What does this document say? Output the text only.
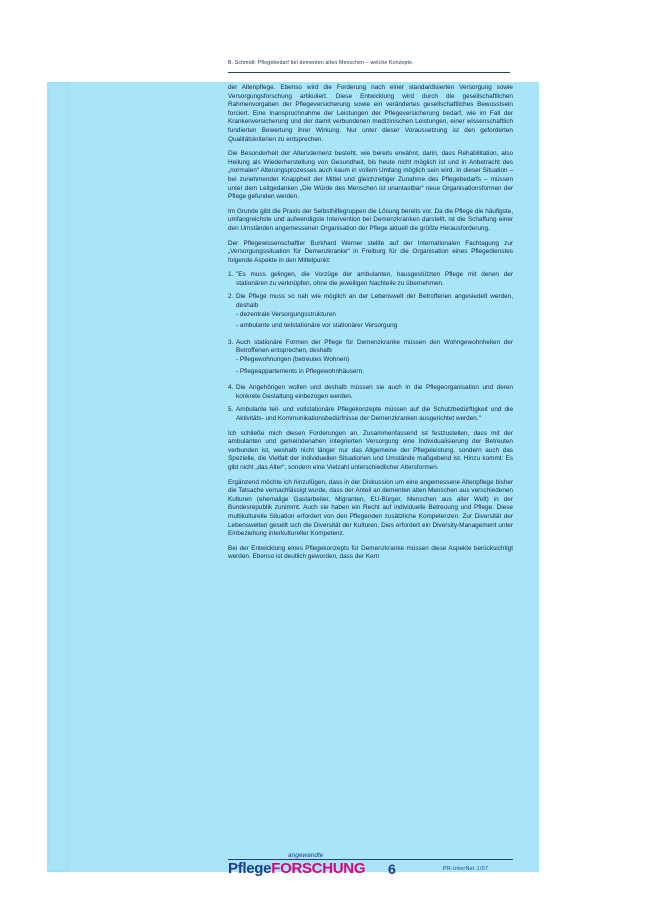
B. Schmidt: Pflegebedarf bei dementen alten Menschen – welche Konzepte.

der Altenpflege. Ebenso wird die Forderung nach einer standardisierten Versorgung sowie Versorgungsforschung artikuliert. Diese Entwicklung wird durch die gesellschaftlichen Rahmenvorgaben der Pflegeversicherung sowie ein verändertes gesellschaftliches Bewusstsein forciert. Eine Inanspruchnahme der Leistungen der Pflegeversicherung bedarf, wie im Fall der Krankenversicherung und der damit verbundenen medizinischen Leistungen, einer wissenschaftlich fundierten Bewertung ihrer Wirkung. Nur unter dieser Voraussetzung ist den geforderten Qualitätskriterien zu entsprechen.

Die Besonderheit der Altersdemenz besteht, wie bereits erwähnt, darin, dass Rehabilitation, also Heilung als Wiederherstellung von Gesundheit, bis heute nicht möglich ist und in Anbetracht des „normalen“ Alterungsprozesses auch kaum in vollem Umfang möglich sein wird. In dieser Situation – bei zunehmender Knappheit der Mittel und gleichzeitiger Zunahme des Pflegebedarfs – müssen unter dem Leitgedanken „Die Würde des Menschen ist unantastbar“ neue Organisationsformen der Pflege gefunden werden.

Im Grunde gibt die Praxis der Selbsthilfegruppen die Lösung bereits vor. Da die Pflege die häufigste, umfangreichste und aufwendigste Intervention bei Demenzkranken darstellt, ist die Schaffung einer den Umständen angemessenen Organisation der Pflege aktuell die größte Herausforderung.

Der Pflegewissenschaftler Burkhard Werner stellte auf der Internationalen Fachtagung zur „Versorgungssituation für Demenzkranke“ in Freiburg für die Organisation eines Pflegedienstes folgende Aspekte in den Mittelpunkt:

1. "Es muss gelingen, die Vorzüge der ambulanten, hausgestützten Pflege mit denen der stationären zu verknüpfen, ohne die jeweiligen Nachteile zu übernehmen.
2. Die Pflege muss so nah wie möglich an der Lebenswelt der Betroffenen angesiedelt werden, deshalb
- dezentrale Versorgungsstrukturen
- ambulante und teilstationäre vor stationärer Versorgung
3. Auch stationäre Formen der Pflege für Demenzkranke müssen den Wohngewohnheiten der Betroffenen entsprechen, deshalb
- Pflegewohnungen (betreutes Wohnen)
- Pflegeappartements in Pflegewohnhäusern.
4. Die Angehörigen wollen und deshalb müssen sie auch in die Pflegeorganisation und deren konkrete Gestaltung einbezogen werden.
5. Ambulante teil- und vollstationäre Pflegekonzepte müssen auf die Schutzbedürftigkeit und die Aktivitäts- und Kommunikationsbedürfnisse der Demenzkranken ausgerichtet werden."

Ich schließe mich diesen Forderungen an. Zusammenfassend ist festzustellen, dass mit der ambulanten und gemeindenahen integrierten Versorgung eine Individualisierung der Betreuten verbunden ist, weshalb nicht länger nur das Allgemeine der Pflegeleistung, sondern auch das Spezielle, die Vielfalt der individuellen Situationen und Umstände maßgebend ist. Hinzu kommt: Es gibt nicht „das Alter“, sondern eine Vielzahl unterschiedlicher Altersformen.

Ergänzend möchte ich hinzufügen, dass in der Diskussion um eine angemessene Altenpflege bisher die Tatsache vernachlässigt wurde, dass der Anteil an dementen alten Menschen aus verschiedenen Kulturen (ehemalige Gastarbeiter, Migranten, EU-Bürger, Menschen aus aller Welt) in der Bundesrepublik zunimmt. Auch sie haben ein Recht auf individuelle Betreuung und Pflege. Diese multikulturelle Situation erfordert von den Pflegenden zusätzliche Kompetenzen. Zur Diversität der Lebenswelten gesellt sich die Diversität der Kulturen. Dies erfordert ein Diversity-Management unter Einbeziehung interkultureller Kompetenz.

Bei der Entwicklung eines Pflegekonzepts für Demenzkranke müssen diese Aspekte berücksichtigt werden. Ebenso ist deutlich geworden, dass der Kern

PflegeFORSCHUNG
angewandte
6	PR-InterNet 1/07
